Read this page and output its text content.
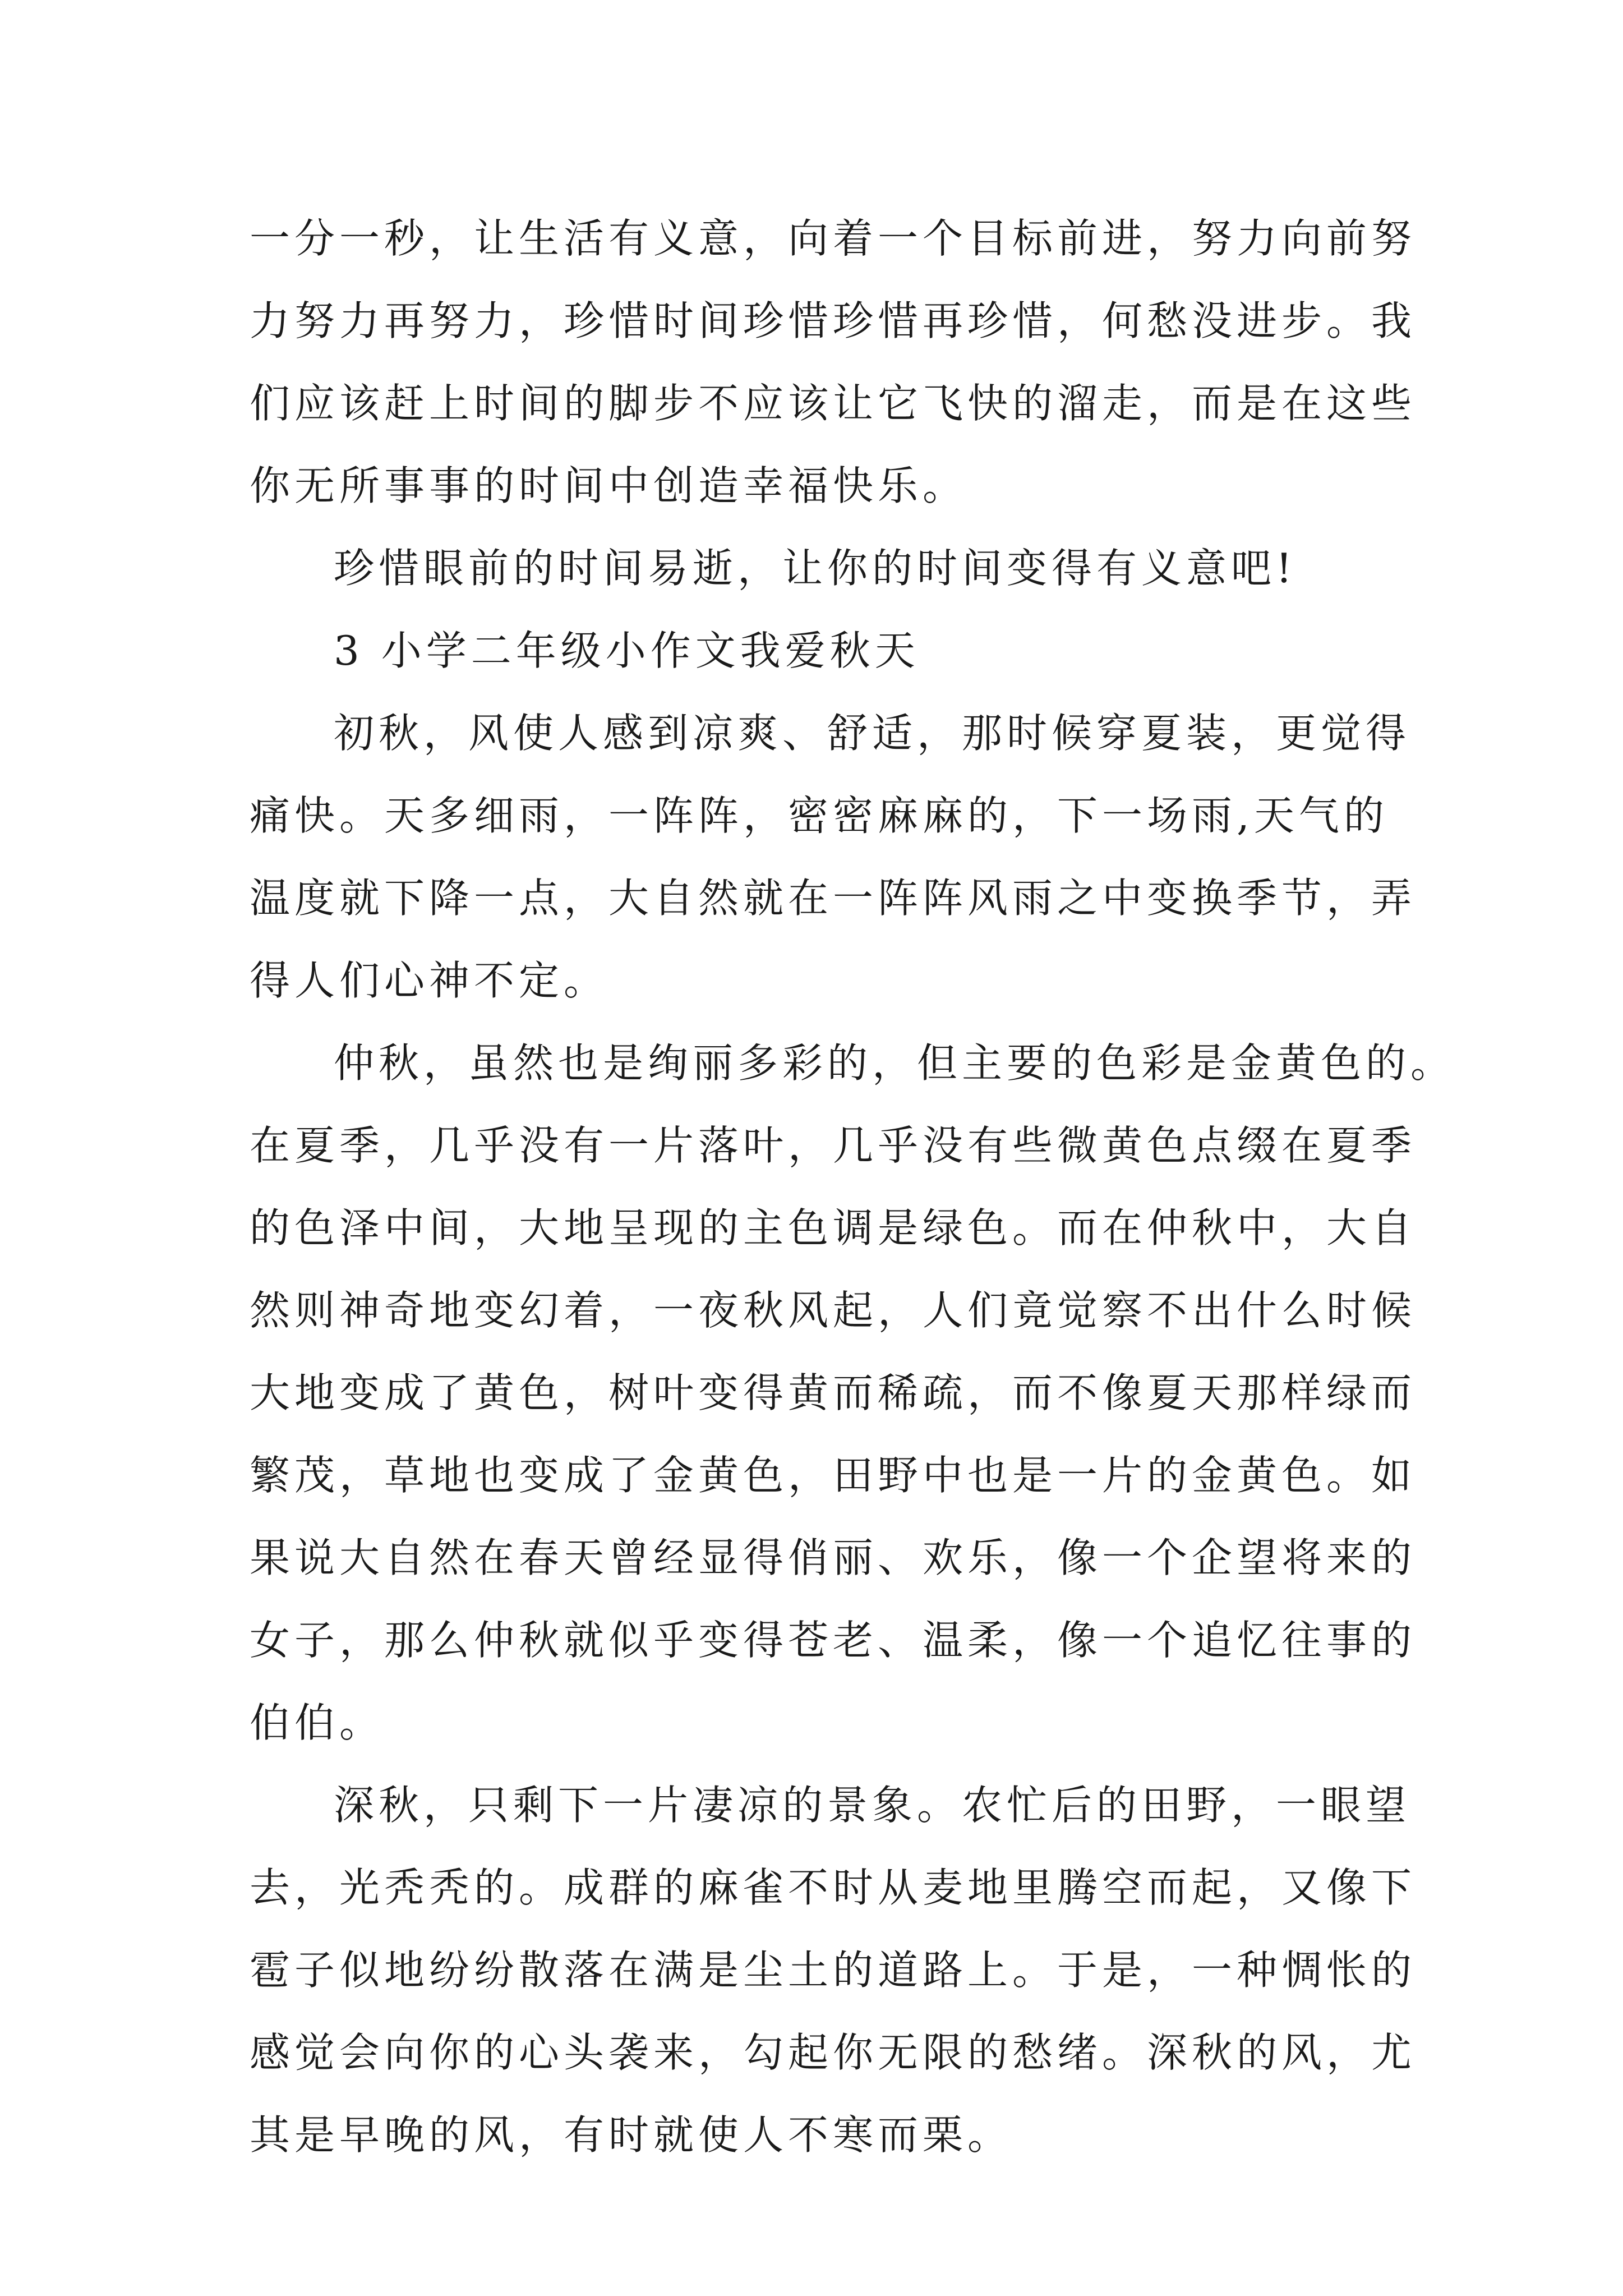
一分一秒，让生活有义意，向着一个目标前进，努力向前努
力努力再努力，珍惜时间珍惜珍惜再珍惜，何愁没进步。我
们应该赶上时间的脚步不应该让它飞快的溜走，而是在这些
你无所事事的时间中创造幸福快乐。
珍惜眼前的时间易逝，让你的时间变得有义意吧!
3 小学二年级小作文我爱秋天
初秋，风使人感到凉爽、舒适，那时候穿夏装，更觉得
痛快。天多细雨，一阵阵，密密麻麻的，下一场雨,天气的
温度就下降一点，大自然就在一阵阵风雨之中变换季节，弄
得人们心神不定。
仲秋，虽然也是绚丽多彩的，但主要的色彩是金黄色的。
在夏季，几乎没有一片落叶，几乎没有些微黄色点缀在夏季
的色泽中间，大地呈现的主色调是绿色。而在仲秋中，大自
然则神奇地变幻着，一夜秋风起，人们竟觉察不出什么时候
大地变成了黄色，树叶变得黄而稀疏，而不像夏天那样绿而
繁茂，草地也变成了金黄色，田野中也是一片的金黄色。如
果说大自然在春天曾经显得俏丽、欢乐，像一个企望将来的
女子，那么仲秋就似乎变得苍老、温柔，像一个追忆往事的
伯伯。
深秋，只剩下一片凄凉的景象。农忙后的田野，一眼望
去，光秃秃的。成群的麻雀不时从麦地里腾空而起，又像下
雹子似地纷纷散落在满是尘土的道路上。于是，一种惆怅的
感觉会向你的心头袭来，勾起你无限的愁绪。深秋的风，尤
其是早晚的风，有时就使人不寒而栗。
